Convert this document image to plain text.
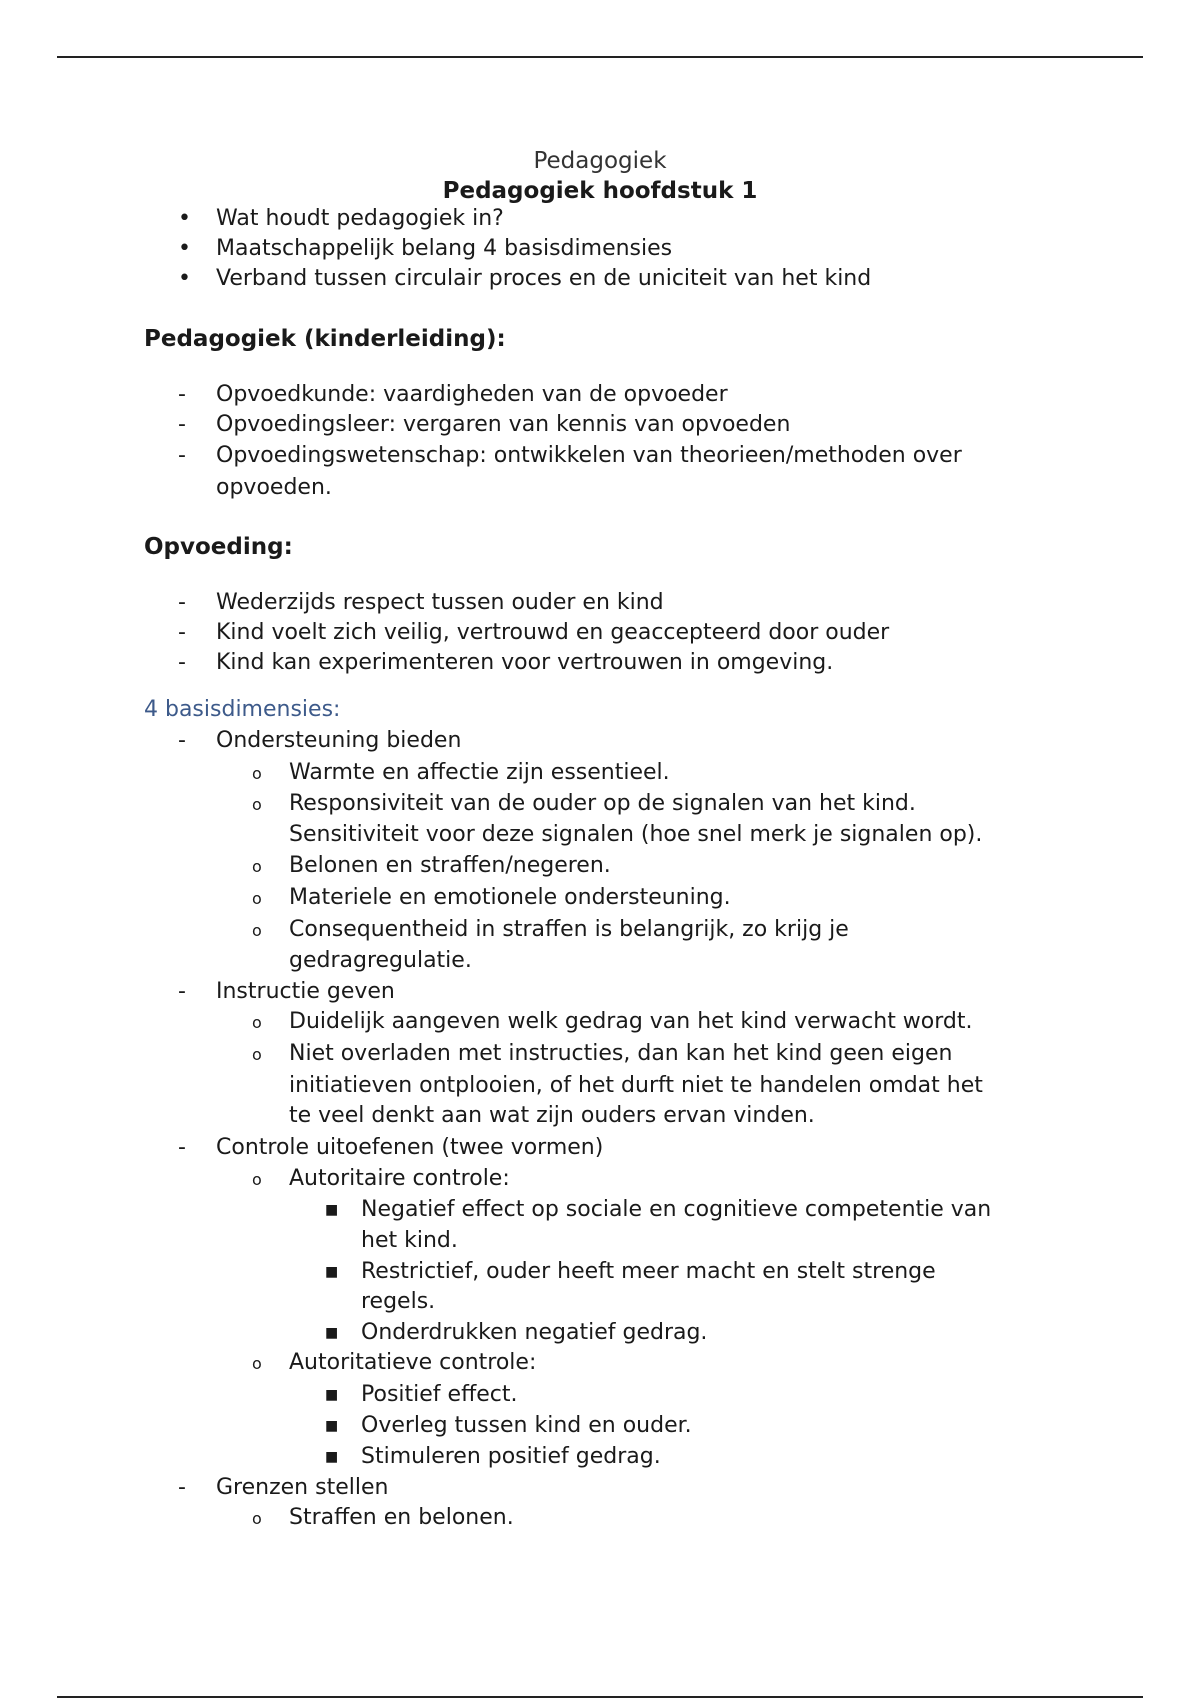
Pedagogiek
Pedagogiek hoofdstuk 1
• Wat houdt pedagogiek in?
• Maatschappelijk belang 4 basisdimensies
• Verband tussen circulair proces en de uniciteit van het kind
Pedagogiek (kinderleiding):
- Opvoedkunde: vaardigheden van de opvoeder
- Opvoedingsleer: vergaren van kennis van opvoeden
- Opvoedingswetenschap: ontwikkelen van theorieen/methoden over
opvoeden.
Opvoeding:
- Wederzijds respect tussen ouder en kind
- Kind voelt zich veilig, vertrouwd en geaccepteerd door ouder
- Kind kan experimenteren voor vertrouwen in omgeving.
4 basisdimensies:
- Ondersteuning bieden
o Warmte en affectie zijn essentieel.
o Responsiviteit van de ouder op de signalen van het kind.
Sensitiviteit voor deze signalen (hoe snel merk je signalen op).
o Belonen en straffen/negeren.
o Materiele en emotionele ondersteuning.
o Consequentheid in straffen is belangrijk, zo krijg je
gedragregulatie.
- Instructie geven
o Duidelijk aangeven welk gedrag van het kind verwacht wordt.
o Niet overladen met instructies, dan kan het kind geen eigen
initiatieven ontplooien, of het durft niet te handelen omdat het
te veel denkt aan wat zijn ouders ervan vinden.
- Controle uitoefenen (twee vormen)
o Autoritaire controle:
■ Negatief effect op sociale en cognitieve competentie van
het kind.
■ Restrictief, ouder heeft meer macht en stelt strenge
regels.
■ Onderdrukken negatief gedrag.
o Autoritatieve controle:
■ Positief effect.
■ Overleg tussen kind en ouder.
■ Stimuleren positief gedrag.
- Grenzen stellen
o Straffen en belonen.
